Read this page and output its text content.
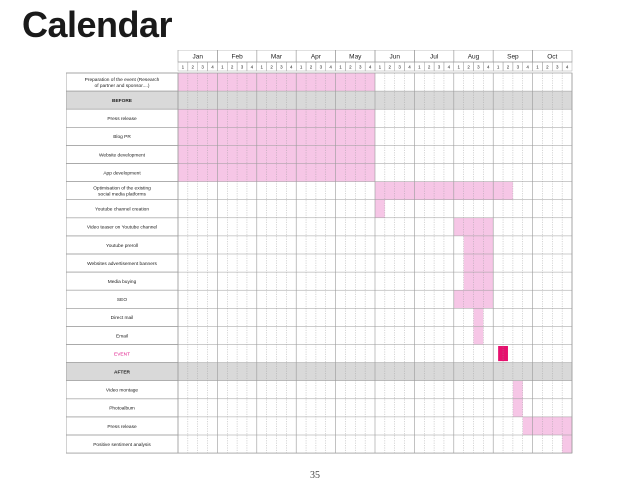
Calendar
Jan
1 2 3 4
Feb
1 2 3 4
Mar
1 2 3 4
Apr
1 2 3 4
May
1 2 3 4
Jun
1 2 3 4
Jul
1 2 3 4
Aug
1 2 3 4
Sep
1 2 3 4
Oct
1 2 3 4
Preparation of the event (Research
of partner and sponsor....)
BEFORE
Press release
Blog PR
Website development
App development
Optimisation of the existing
social media platforms
Youtube channel creation
Video teaser on Youtube channel
Youtube preroll
Websites advertisement banners
Media buying
SEO
Direct mail
Email
EVENT
AFTER
Video montage
Photoalbum
Press release
Positive sentiment analysis
35
